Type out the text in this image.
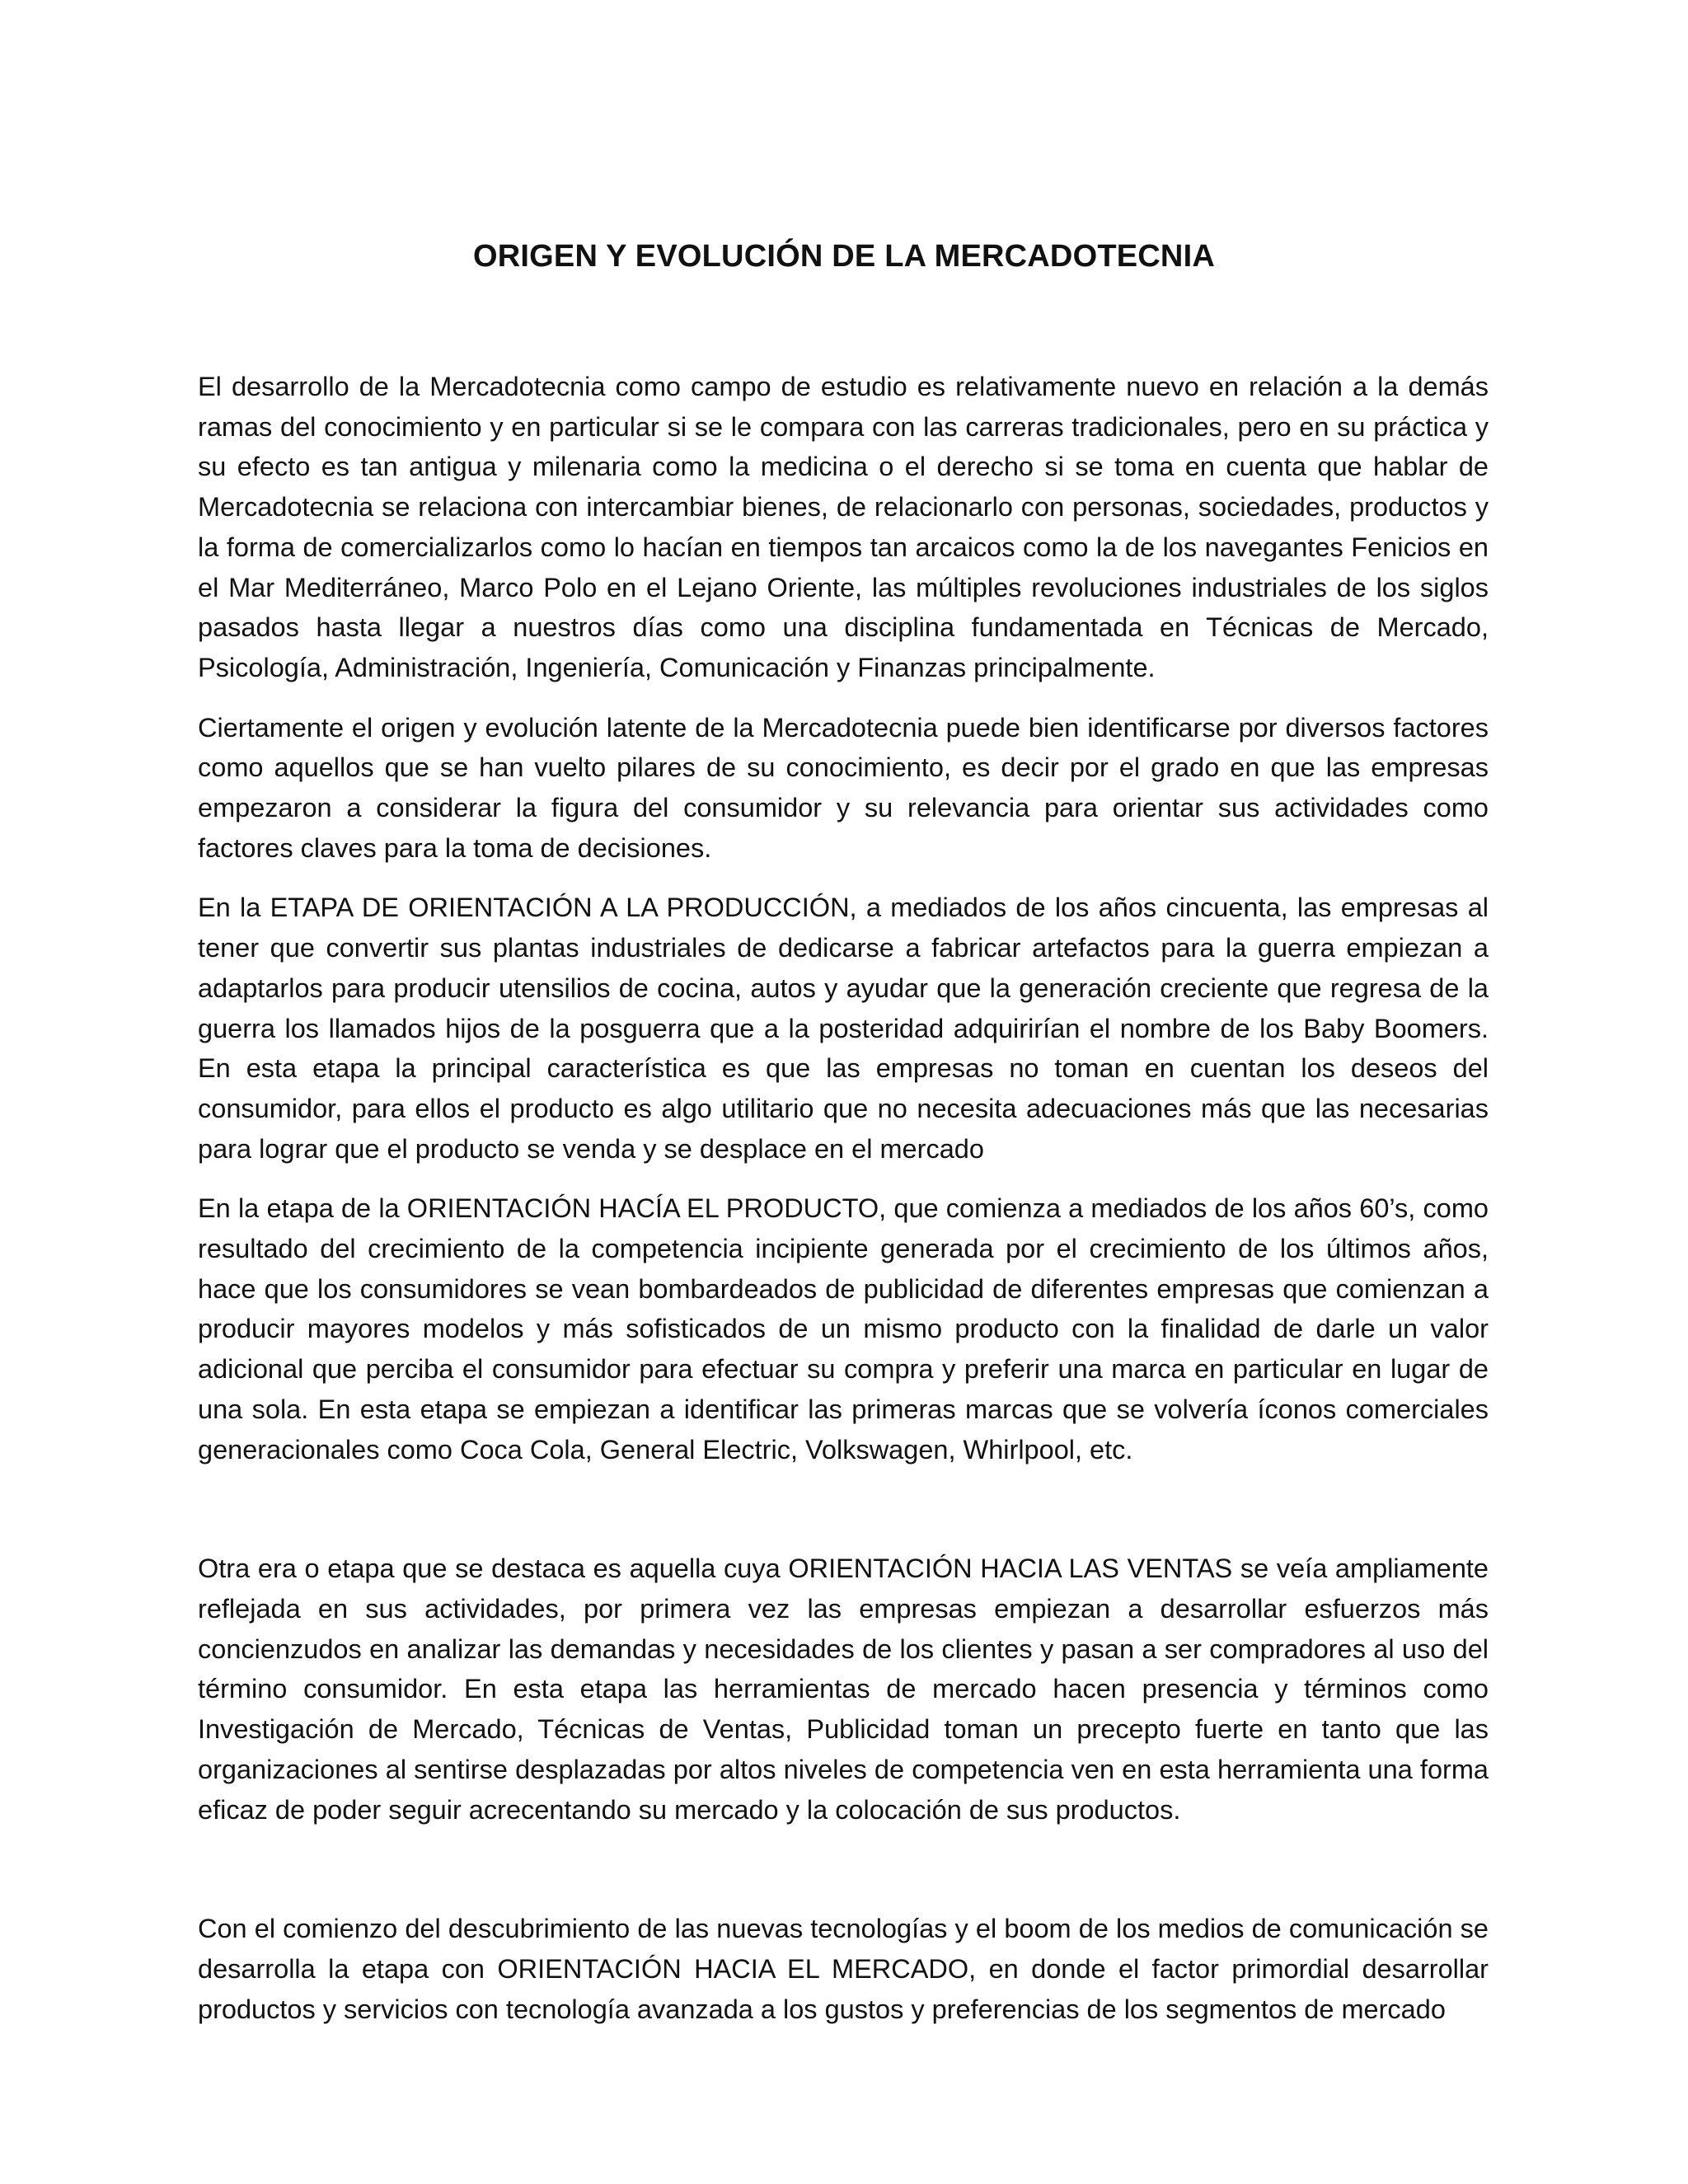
ORIGEN Y EVOLUCIÓN DE LA MERCADOTECNIA

El desarrollo de la Mercadotecnia como campo de estudio es relativamente nuevo en relación a la demás ramas del conocimiento y en particular si se le compara con las carreras tradicionales, pero en su práctica y su efecto es tan antigua y milenaria como la medicina o el derecho si se toma en cuenta que hablar de Mercadotecnia se relaciona con intercambiar bienes, de relacionarlo con personas, sociedades, productos y la forma de comercializarlos como lo hacían en tiempos tan arcaicos como la de los navegantes Fenicios en el Mar Mediterráneo, Marco Polo en el Lejano Oriente, las múltiples revoluciones industriales de los siglos pasados hasta llegar a nuestros días como una disciplina fundamentada en Técnicas de Mercado, Psicología, Administración, Ingeniería, Comunicación y Finanzas principalmente.

Ciertamente el origen y evolución latente de la Mercadotecnia puede bien identificarse por diversos factores como aquellos que se han vuelto pilares de su conocimiento, es decir por el grado en que las empresas empezaron a considerar la figura del consumidor y su relevancia para orientar sus actividades como factores claves para la toma de decisiones.

En la ETAPA DE ORIENTACIÓN A LA PRODUCCIÓN, a mediados de los años cincuenta, las empresas al tener que convertir sus plantas industriales de dedicarse a fabricar artefactos para la guerra empiezan a adaptarlos para producir utensilios de cocina, autos y ayudar que la generación creciente que regresa de la guerra los llamados hijos de la posguerra que a la posteridad adquirirían el nombre de los Baby Boomers. En esta etapa la principal característica es que las empresas no toman en cuentan los deseos del consumidor, para ellos el producto es algo utilitario que no necesita adecuaciones más que las necesarias para lograr que el producto se venda y se desplace en el mercado

En la etapa de la ORIENTACIÓN HACÍA EL PRODUCTO, que comienza a mediados de los años 60’s, como resultado del crecimiento de la competencia incipiente generada por el crecimiento de los últimos años, hace que los consumidores se vean bombardeados de publicidad de diferentes empresas que comienzan a producir mayores modelos y más sofisticados de un mismo producto con la finalidad de darle un valor adicional que perciba el consumidor para efectuar su compra y preferir una marca en particular en lugar de una sola. En esta etapa se empiezan a identificar las primeras marcas que se volvería íconos comerciales generacionales como Coca Cola, General Electric, Volkswagen, Whirlpool, etc.

Otra era o etapa que se destaca es aquella cuya ORIENTACIÓN HACIA LAS VENTAS se veía ampliamente reflejada en sus actividades, por primera vez las empresas empiezan a desarrollar esfuerzos más concienzudos en analizar las demandas y necesidades de los clientes y pasan a ser compradores al uso del término consumidor. En esta etapa las herramientas de mercado hacen presencia y términos como Investigación de Mercado, Técnicas de Ventas, Publicidad toman un precepto fuerte en tanto que las organizaciones al sentirse desplazadas por altos niveles de competencia ven en esta herramienta una forma eficaz de poder seguir acrecentando su mercado y la colocación de sus productos.

Con el comienzo del descubrimiento de las nuevas tecnologías y el boom de los medios de comunicación se desarrolla la etapa con ORIENTACIÓN HACIA EL MERCADO, en donde el factor primordial desarrollar productos y servicios con tecnología avanzada a los gustos y preferencias de los segmentos de mercado
